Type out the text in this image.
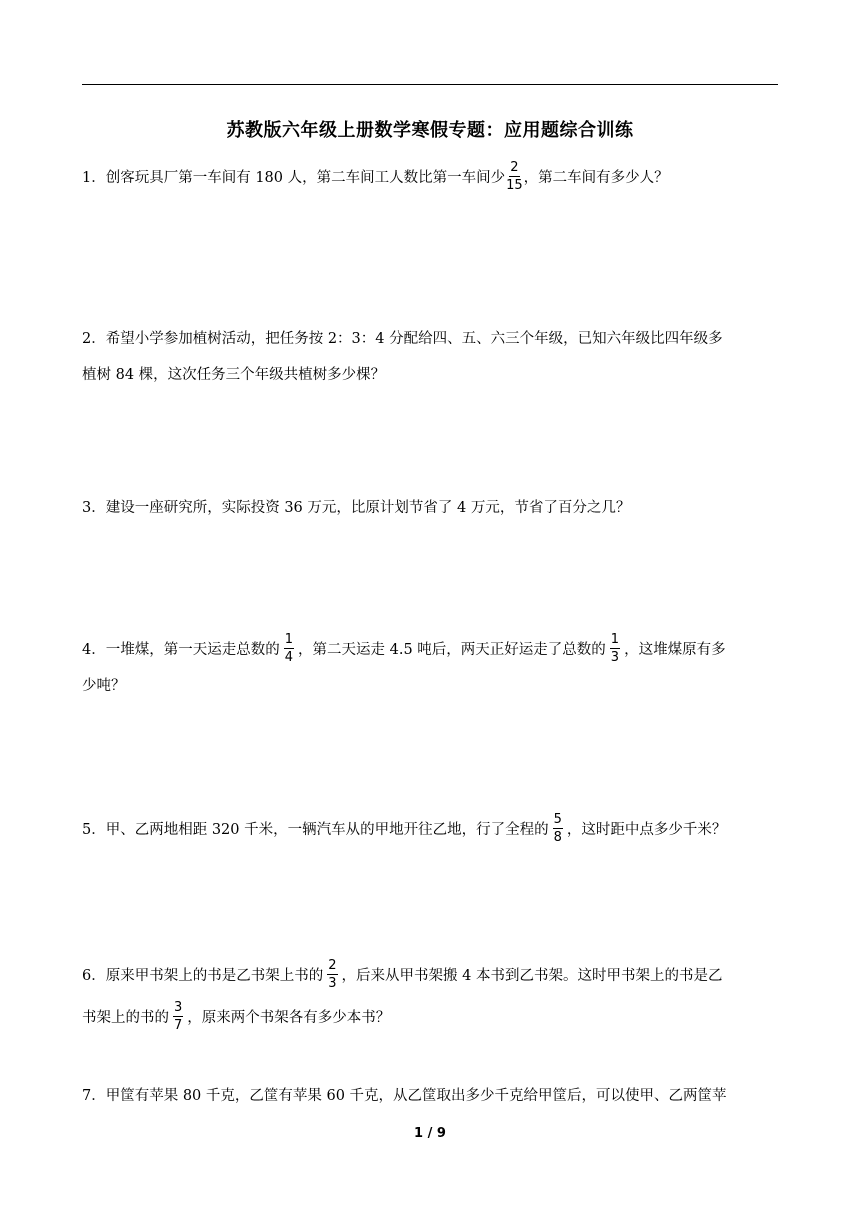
苏教版六年级上册数学寒假专题：应用题综合训练
1．创客玩具厂第一车间有 180 人，第二车间工人数比第一车间少 $\frac{2}{15}$ ，第二车间有多少人？
2．希望小学参加植树活动，把任务按 2：3：4 分配给四、五、六三个年级，已知六年级比四年级多
植树 84 棵，这次任务三个年级共植树多少棵？
3．建设一座研究所，实际投资 36 万元，比原计划节省了 4 万元，节省了百分之几？
4．一堆煤，第一天运走总数的 $\frac{1}{4}$ ，第二天运走 4.5 吨后，两天正好运走了总数的 $\frac{1}{3}$ ，这堆煤原有多
少吨？
5．甲、乙两地相距 320 千米，一辆汽车从的甲地开往乙地，行了全程的 $\frac{5}{8}$ ，这时距中点多少千米？
6．原来甲书架上的书是乙书架上书的 $\frac{2}{3}$ ，后来从甲书架搬 4 本书到乙书架。这时甲书架上的书是乙
书架上的书的 $\frac{3}{7}$ ，原来两个书架各有多少本书？
7．甲筐有苹果 80 千克，乙筐有苹果 60 千克，从乙筐取出多少千克给甲筐后，可以使甲、乙两筐苹
1 / 9
